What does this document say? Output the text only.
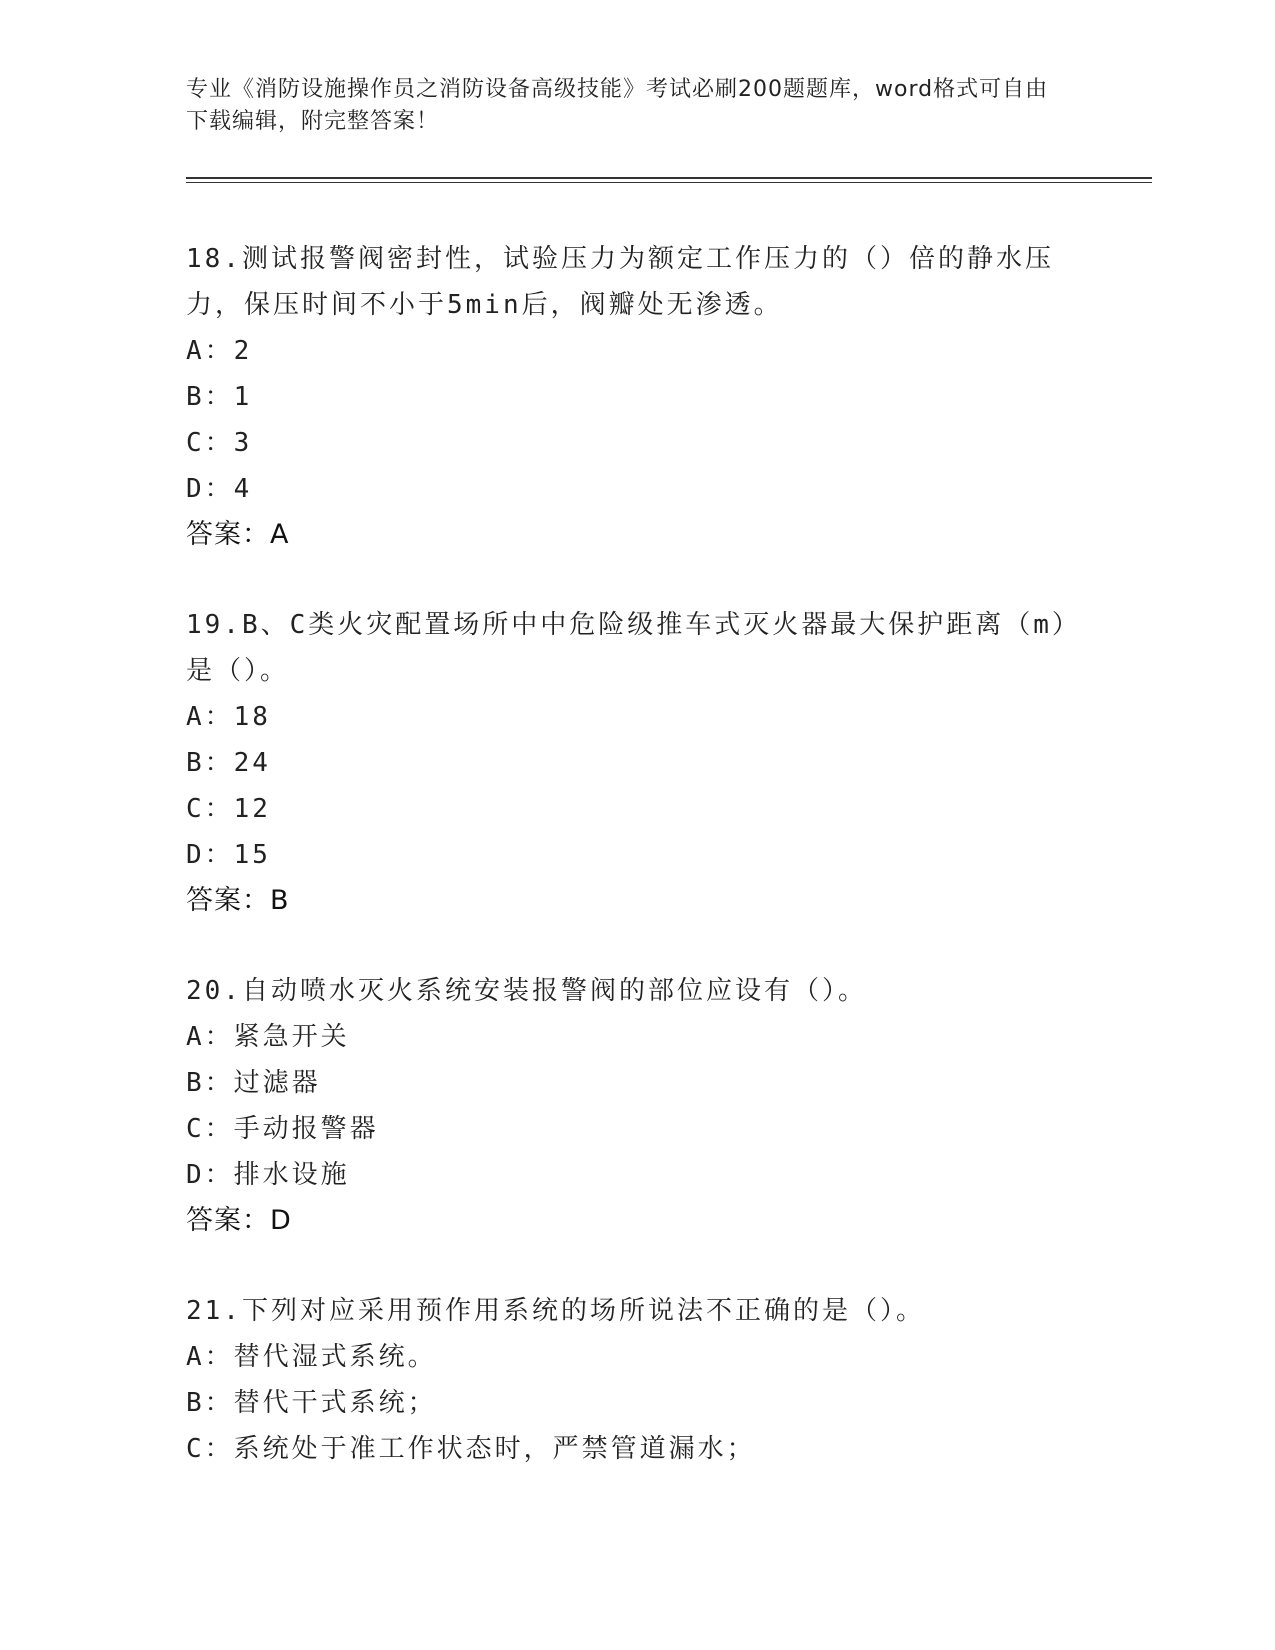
专业《消防设施操作员之消防设备高级技能》考试必刷200题题库，word格式可自由下载编辑，附完整答案！
18.测试报警阀密封性，试验压力为额定工作压力的（）倍的静水压力，保压时间不小于5min后，阀瓣处无渗透。
A：2
B：1
C：3
D：4
答案：A
19.B、C类火灾配置场所中中危险级推车式灭火器最大保护距离（m）是（）。
A：18
B：24
C：12
D：15
答案：B
20.自动喷水灭火系统安装报警阀的部位应设有（）。
A：紧急开关
B：过滤器
C：手动报警器
D：排水设施
答案：D
21.下列对应采用预作用系统的场所说法不正确的是（）。
A：替代湿式系统。
B：替代干式系统；
C：系统处于准工作状态时，严禁管道漏水；
